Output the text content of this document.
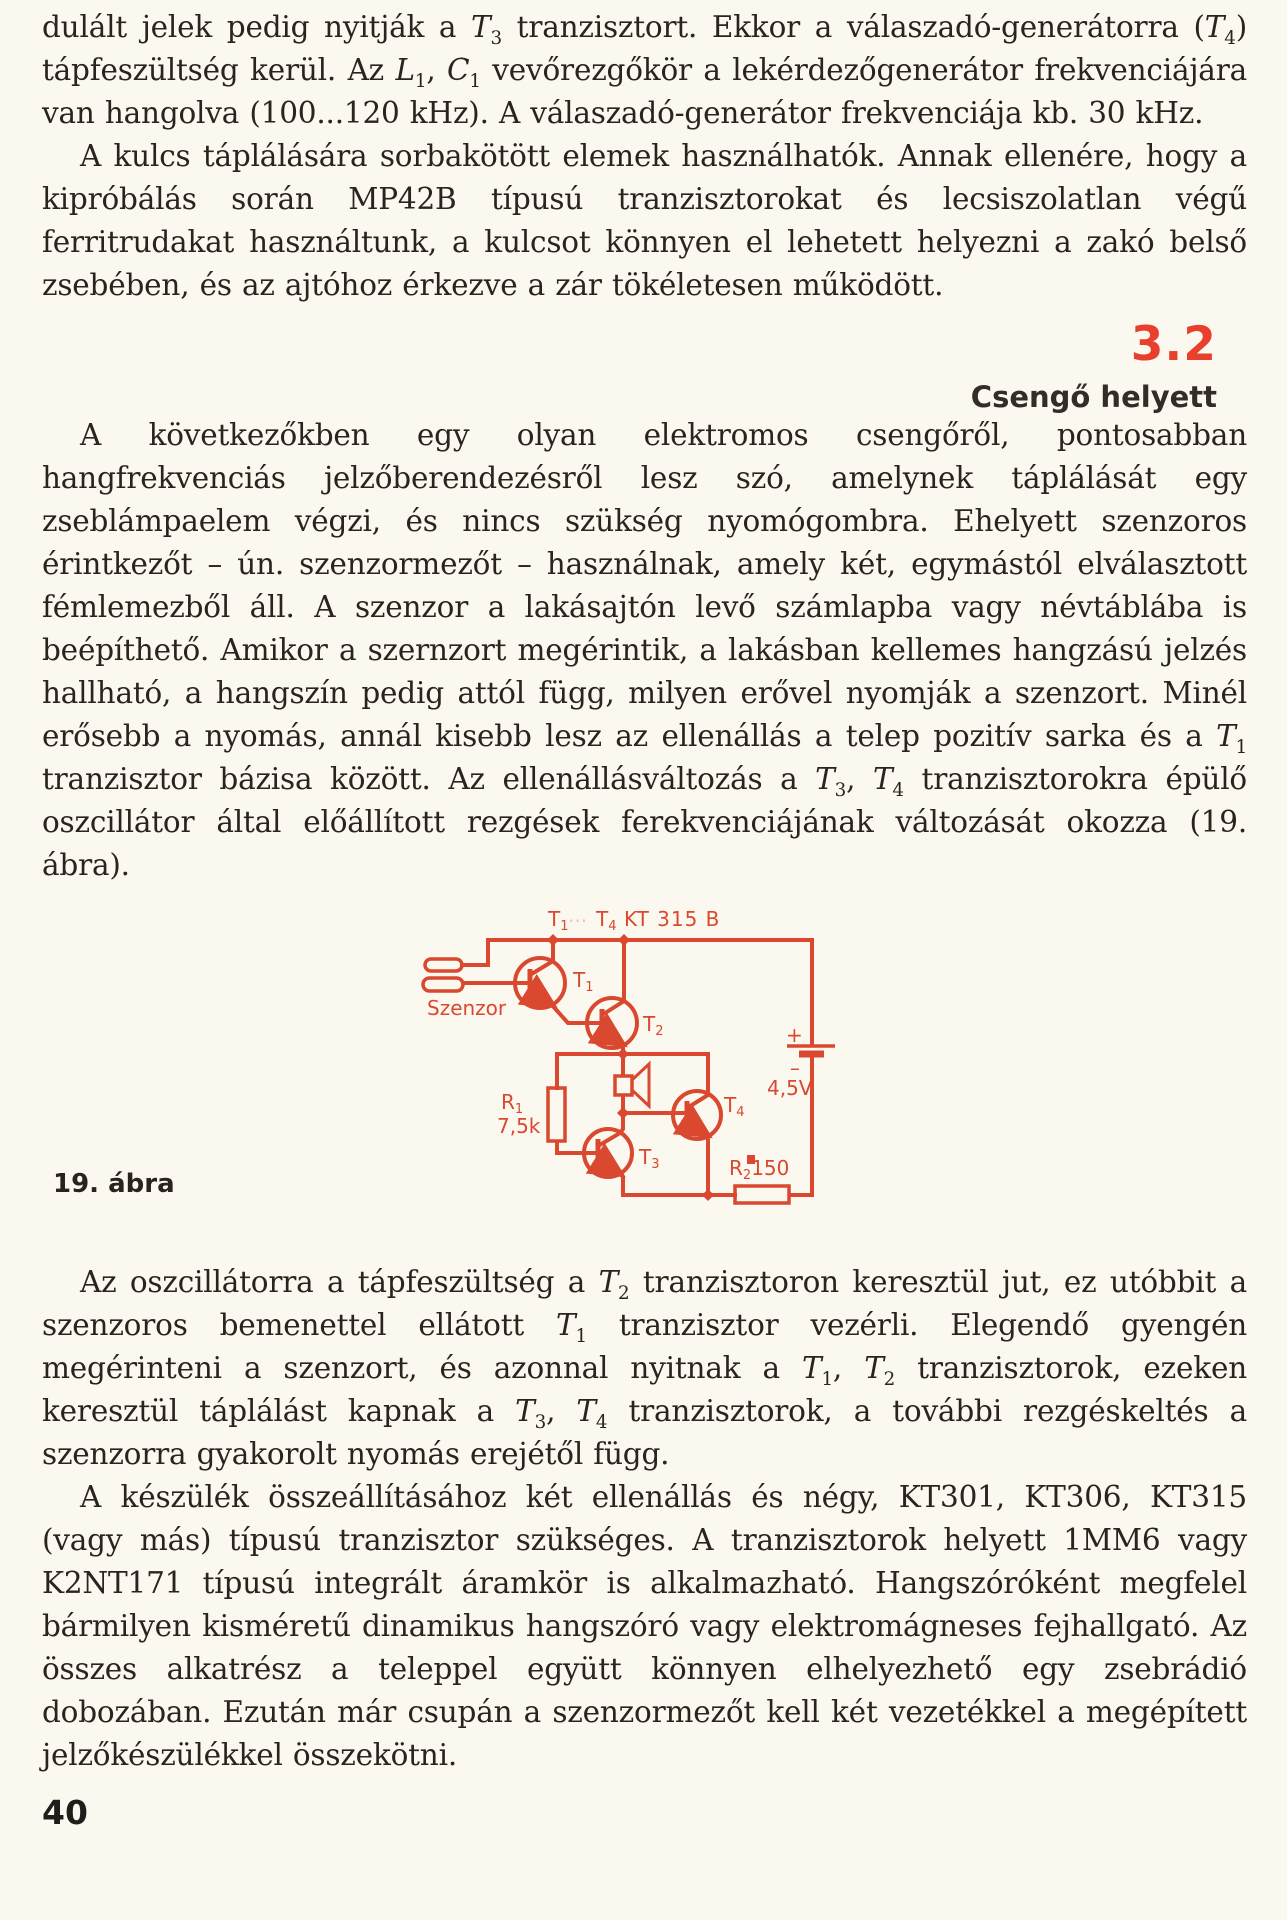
dulált jelek pedig nyitják a $T_3$ tranzisztort. Ekkor a válaszadó-generátorra $(T_4)$ tápfeszültség kerül. Az $L_1$, $C_1$ vevőrezgőkör a lekérdezőgenerátor frekvenciájára van hangolva (100...120 kHz). A válaszadó-generátor frekvenciája kb. 30 kHz.

A kulcs táplálására sorbakötött elemek használhatók. Annak ellenére, hogy a kipróbálás során MP42B típusú tranzisztorokat és lecsiszolatlan végű ferritrudakat használtunk, a kulcsot könnyen el lehetett helyezni a zakó belső zsebében, és az ajtóhoz érkezve a zár tökéletesen működött.

3.2
Csengő helyett

A következőkben egy olyan elektromos csengőről, pontosabban hangfrekvenciás jelzőberendezésről lesz szó, amelynek táplálását egy zseblámpaelem végzi, és nincs szükség nyomógombra. Ehelyett szenzoros érintkezőt – ún. szenzormezőt – használnak, amely két, egymástól elválasztott fémlemezből áll. A szenzor a lakásajtón levő számlapba vagy névtáblába is beépíthető. Amikor a szernzort megérintik, a lakásban kellemes hangzású jelzés hallható, a hangszín pedig attól függ, milyen erővel nyomják a szenzort. Minél erősebb a nyomás, annál kisebb lesz az ellenállás a telep pozitív sarka és a $T_1$ tranzisztor bázisa között. Az ellenállásváltozás a $T_3$, $T_4$ tranzisztorokra épülő oszcillátor által előállított rezgések ferekvenciájának változását okozza (19. ábra).

19. ábra
$T_1$ ··· $T_4$ KT 315 B
Szenzor
$T_1$
$T_2$
$T_3$
$T_4$
$R_1$
7,5k
$R_2150$
+
–
4,5V

Az oszcillátorra a tápfeszültség a $T_2$ tranzisztoron keresztül jut, ez utóbbit a szenzoros bemenettel ellátott $T_1$ tranzisztor vezérli. Elegendő gyengén megérinteni a szenzort, és azonnal nyitnak a $T_1$, $T_2$ tranzisztorok, ezeken keresztül táplálást kapnak a $T_3$, $T_4$ tranzisztorok, a további rezgéskeltés a szenzorra gyakorolt nyomás erejétől függ.

A készülék összeállításához két ellenállás és négy, KT301, KT306, KT315 (vagy más) típusú tranzisztor szükséges. A tranzisztorok helyett 1MM6 vagy K2NT171 típusú integrált áramkör is alkalmazható. Hangszóróként megfelel bármilyen kisméretű dinamikus hangszóró vagy elektromágneses fejhallgató. Az összes alkatrész a teleppel együtt könnyen elhelyezhető egy zsebrádió dobozában. Ezután már csupán a szenzormezőt kell két vezetékkel a megépített jelzőkészülékkel összekötni.

40
